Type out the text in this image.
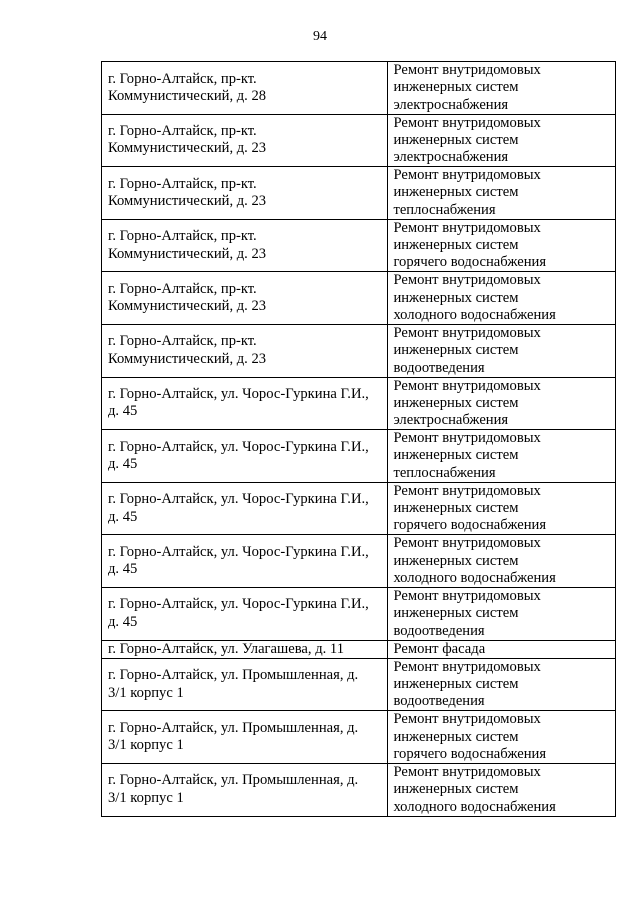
94
г. Горно-Алтайск, пр-кт.
Коммунистический, д. 28
Ремонт внутридомовых
инженерных систем
электроснабжения
г. Горно-Алтайск, пр-кт.
Коммунистический, д. 23
Ремонт внутридомовых
инженерных систем
электроснабжения
г. Горно-Алтайск, пр-кт.
Коммунистический, д. 23
Ремонт внутридомовых
инженерных систем
теплоснабжения
г. Горно-Алтайск, пр-кт.
Коммунистический, д. 23
Ремонт внутридомовых
инженерных систем
горячего водоснабжения
г. Горно-Алтайск, пр-кт.
Коммунистический, д. 23
Ремонт внутридомовых
инженерных систем
холодного водоснабжения
г. Горно-Алтайск, пр-кт.
Коммунистический, д. 23
Ремонт внутридомовых
инженерных систем
водоотведения
г. Горно-Алтайск, ул. Чорос-Гуркина Г.И.,
д. 45
Ремонт внутридомовых
инженерных систем
электроснабжения
г. Горно-Алтайск, ул. Чорос-Гуркина Г.И.,
д. 45
Ремонт внутридомовых
инженерных систем
теплоснабжения
г. Горно-Алтайск, ул. Чорос-Гуркина Г.И.,
д. 45
Ремонт внутридомовых
инженерных систем
горячего водоснабжения
г. Горно-Алтайск, ул. Чорос-Гуркина Г.И.,
д. 45
Ремонт внутридомовых
инженерных систем
холодного водоснабжения
г. Горно-Алтайск, ул. Чорос-Гуркина Г.И.,
д. 45
Ремонт внутридомовых
инженерных систем
водоотведения
г. Горно-Алтайск, ул. Улагашева, д. 11	Ремонт фасада
г. Горно-Алтайск, ул. Промышленная, д.
3/1 корпус 1
Ремонт внутридомовых
инженерных систем
водоотведения
г. Горно-Алтайск, ул. Промышленная, д.
3/1 корпус 1
Ремонт внутридомовых
инженерных систем
горячего водоснабжения
г. Горно-Алтайск, ул. Промышленная, д.
3/1 корпус 1
Ремонт внутридомовых
инженерных систем
холодного водоснабжения
